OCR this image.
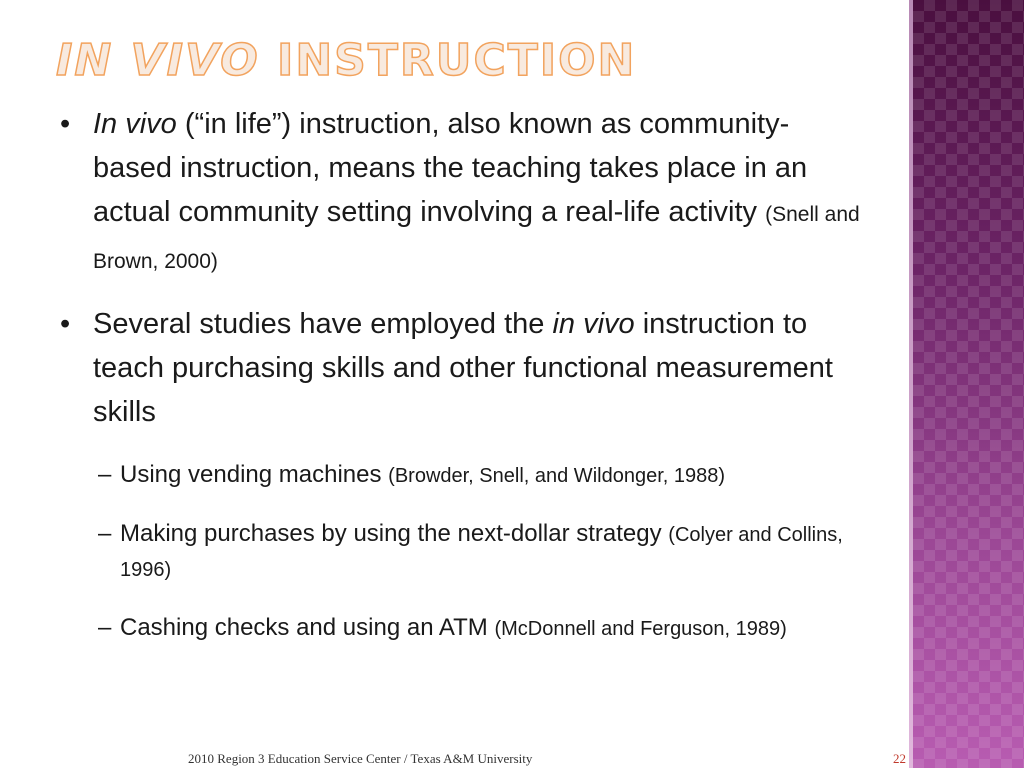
IN VIVO INSTRUCTION

• In vivo (“in life”) instruction, also known as community-based instruction, means the teaching takes place in an actual community setting involving a real-life activity (Snell and Brown, 2000)

• Several studies have employed the in vivo instruction to teach purchasing skills and other functional measurement skills

– Using vending machines (Browder, Snell, and Wildonger, 1988)

– Making purchases by using the next-dollar strategy (Colyer and Collins, 1996)

– Cashing checks and using an ATM (McDonnell and Ferguson, 1989)

2010 Region 3 Education Service Center / Texas A&M University	22
